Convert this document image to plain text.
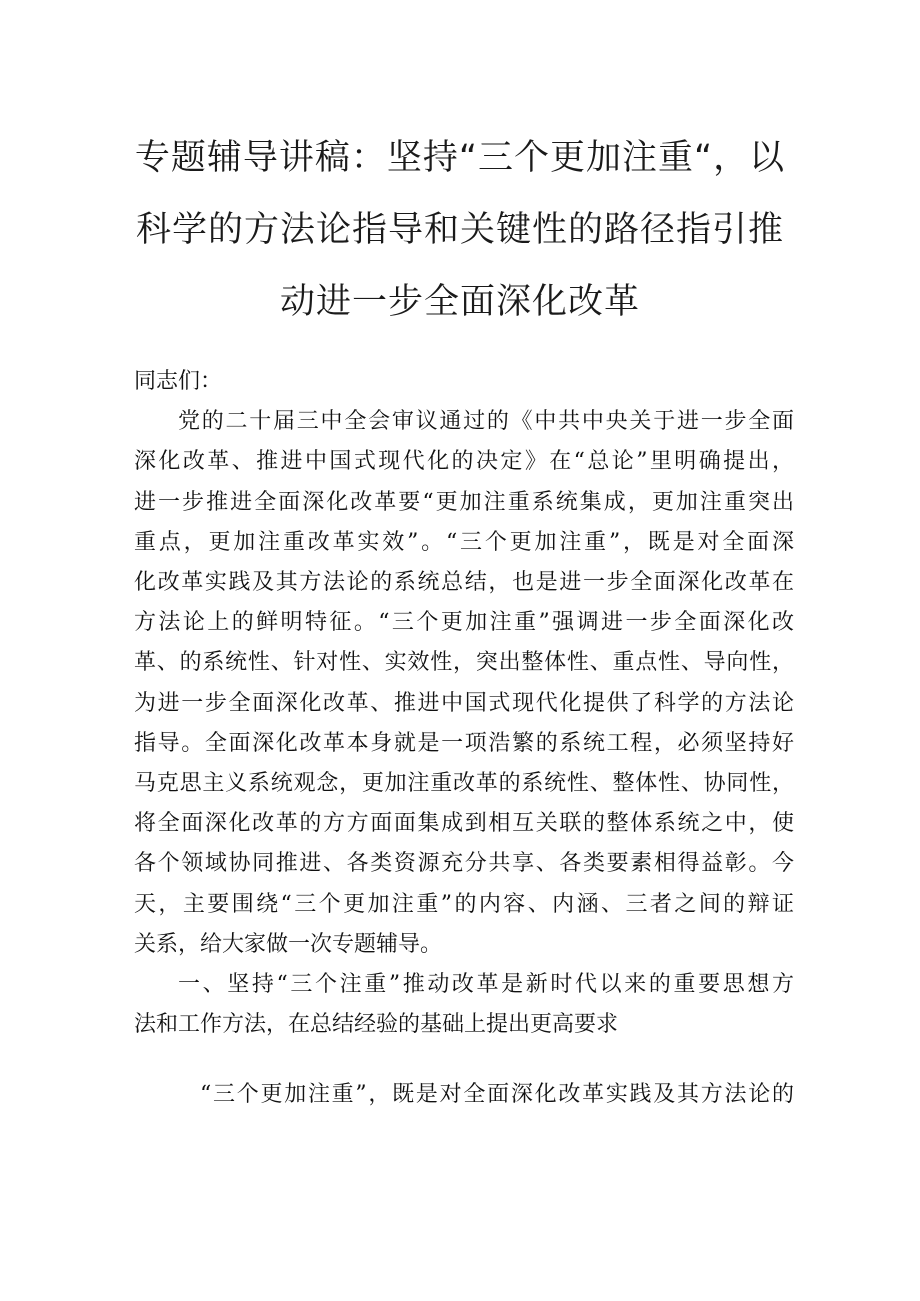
专题辅导讲稿：坚持“三个更加注重“，以
科学的方法论指导和关键性的路径指引推
动进一步全面深化改革

同志们：

党的二十届三中全会审议通过的《中共中央关于进一步全面
深化改革、推进中国式现代化的决定》在“总论”里明确提出，
进一步推进全面深化改革要“更加注重系统集成，更加注重突出
重点，更加注重改革实效”。“三个更加注重”，既是对全面深
化改革实践及其方法论的系统总结，也是进一步全面深化改革在
方法论上的鲜明特征。“三个更加注重”强调进一步全面深化改
革、的系统性、针对性、实效性，突出整体性、重点性、导向性，
为进一步全面深化改革、推进中国式现代化提供了科学的方法论
指导。全面深化改革本身就是一项浩繁的系统工程，必须坚持好
马克思主义系统观念，更加注重改革的系统性、整体性、协同性，
将全面深化改革的方方面面集成到相互关联的整体系统之中，使
各个领域协同推进、各类资源充分共享、各类要素相得益彰。今
天，主要围绕“三个更加注重”的内容、内涵、三者之间的辩证
关系，给大家做一次专题辅导。

一、坚持“三个注重”推动改革是新时代以来的重要思想方
法和工作方法，在总结经验的基础上提出更高要求

“三个更加注重”，既是对全面深化改革实践及其方法论的
